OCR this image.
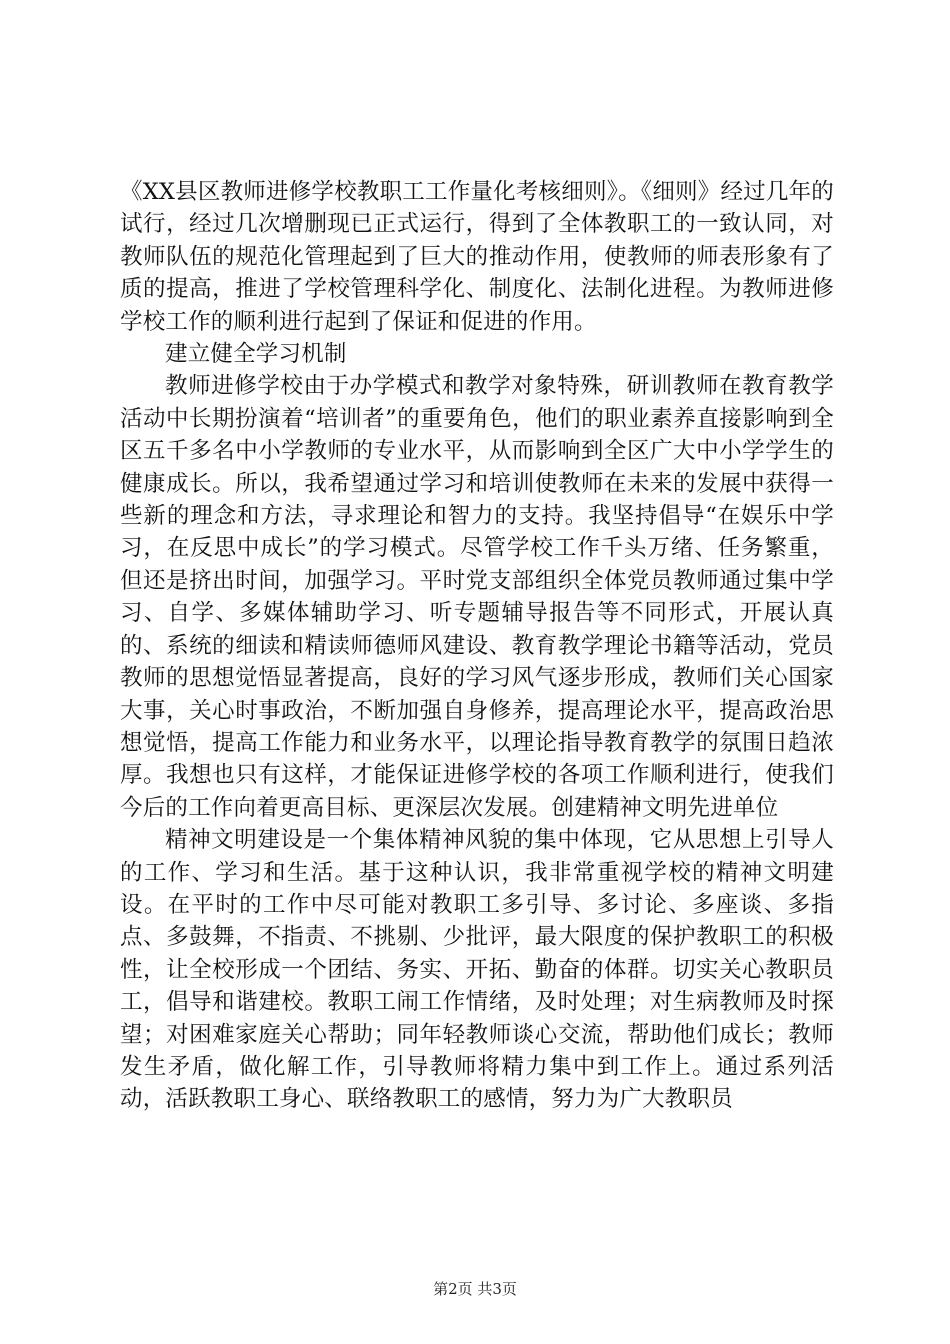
《XX县区教师进修学校教职工工作量化考核细则》。《细则》经过几年的试行，经过几次增删现已正式运行，得到了全体教职工的一致认同，对教师队伍的规范化管理起到了巨大的推动作用，使教师的师表形象有了质的提高，推进了学校管理科学化、制度化、法制化进程。为教师进修学校工作的顺利进行起到了保证和促进的作用。

建立健全学习机制

教师进修学校由于办学模式和教学对象特殊，研训教师在教育教学活动中长期扮演着“培训者”的重要角色，他们的职业素养直接影响到全区五千多名中小学教师的专业水平，从而影响到全区广大中小学学生的健康成长。所以，我希望通过学习和培训使教师在未来的发展中获得一些新的理念和方法，寻求理论和智力的支持。我坚持倡导“在娱乐中学习，在反思中成长”的学习模式。尽管学校工作千头万绪、任务繁重，但还是挤出时间，加强学习。平时党支部组织全体党员教师通过集中学习、自学、多媒体辅助学习、听专题辅导报告等不同形式，开展认真的、系统的细读和精读师德师风建设、教育教学理论书籍等活动，党员教师的思想觉悟显著提高，良好的学习风气逐步形成，教师们关心国家大事，关心时事政治，不断加强自身修养，提高理论水平，提高政治思想觉悟，提高工作能力和业务水平，以理论指导教育教学的氛围日趋浓厚。我想也只有这样，才能保证进修学校的各项工作顺利进行，使我们今后的工作向着更高目标、更深层次发展。创建精神文明先进单位

精神文明建设是一个集体精神风貌的集中体现，它从思想上引导人的工作、学习和生活。基于这种认识，我非常重视学校的精神文明建设。在平时的工作中尽可能对教职工多引导、多讨论、多座谈、多指点、多鼓舞，不指责、不挑剔、少批评，最大限度的保护教职工的积极性，让全校形成一个团结、务实、开拓、勤奋的体群。切实关心教职员工，倡导和谐建校。教职工闹工作情绪，及时处理；对生病教师及时探望；对困难家庭关心帮助；同年轻教师谈心交流，帮助他们成长；教师发生矛盾，做化解工作，引导教师将精力集中到工作上。通过系列活动，活跃教职工身心、联络教职工的感情，努力为广大教职员

第2页 共3页
